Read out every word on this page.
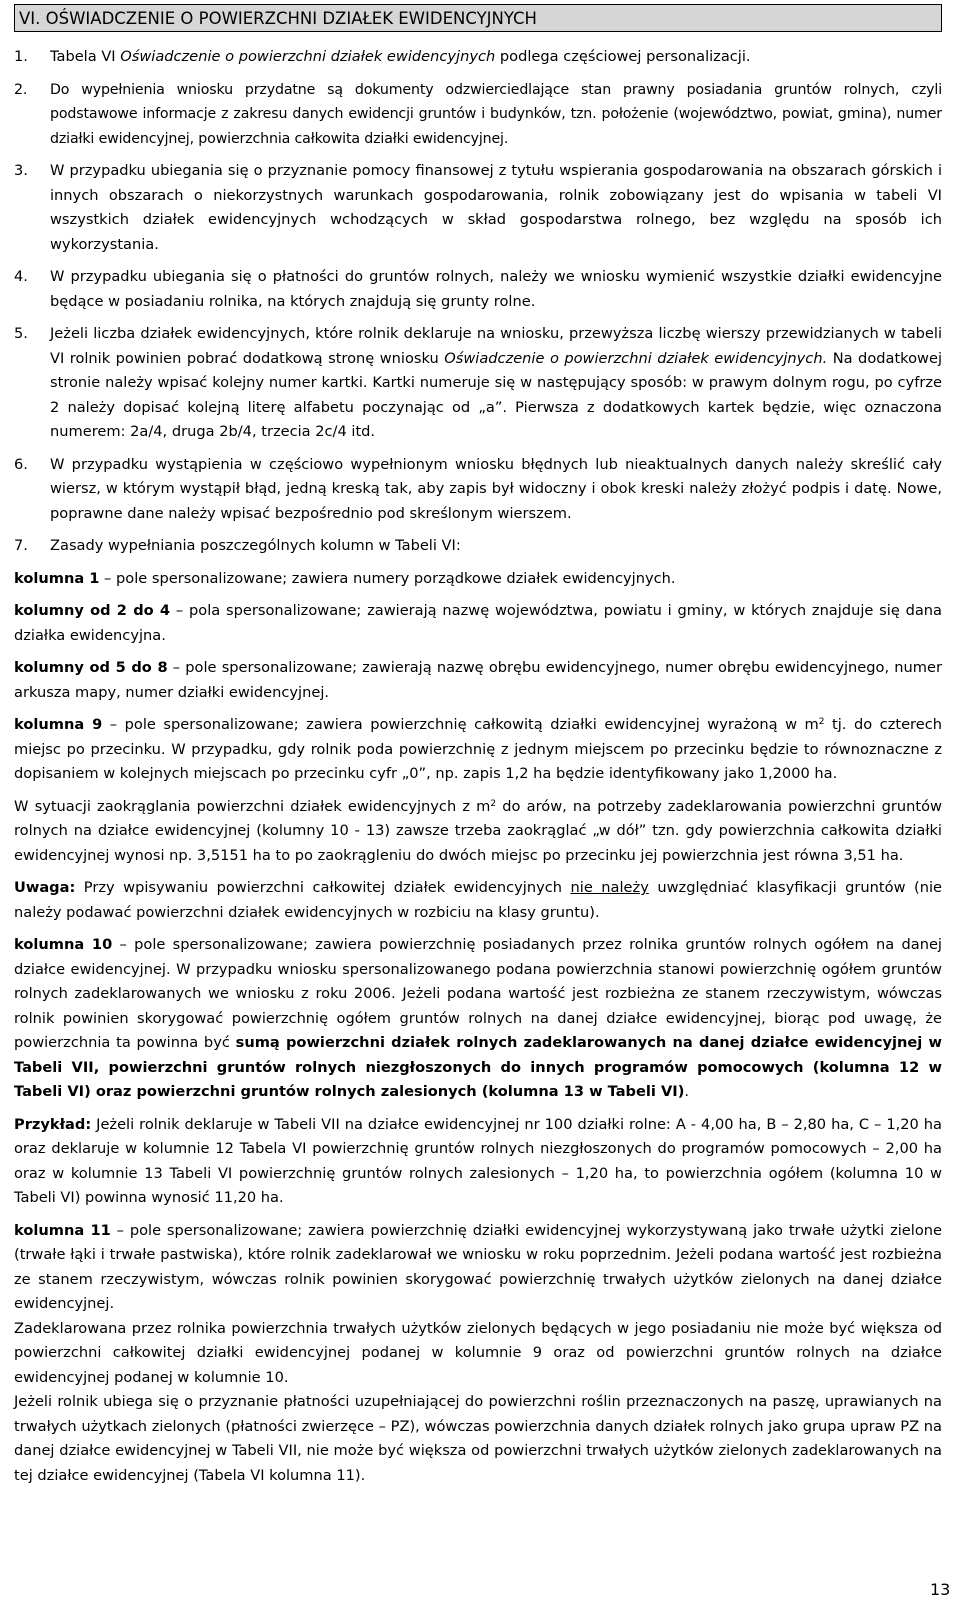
VI. OŚWIADCZENIE O POWIERZCHNI DZIAŁEK EWIDENCYJNYCH
1.	Tabela VI Oświadczenie o powierzchni działek ewidencyjnych podlega częściowej personalizacji.
2.	Do wypełnienia wniosku przydatne są dokumenty odzwierciedlające stan prawny posiadania gruntów rolnych, czyli podstawowe informacje z zakresu danych ewidencji gruntów i budynków, tzn. położenie (województwo, powiat, gmina), numer działki ewidencyjnej, powierzchnia całkowita działki ewidencyjnej.
3.	W przypadku ubiegania się o przyznanie pomocy finansowej z tytułu wspierania gospodarowania na obszarach górskich i innych obszarach o niekorzystnych warunkach gospodarowania, rolnik zobowiązany jest do wpisania w tabeli VI wszystkich działek ewidencyjnych wchodzących w skład gospodarstwa rolnego, bez względu na sposób ich wykorzystania.
4.	W przypadku ubiegania się o płatności do gruntów rolnych, należy we wniosku wymienić wszystkie działki ewidencyjne będące w posiadaniu rolnika, na których znajdują się grunty rolne.
5.	Jeżeli liczba działek ewidencyjnych, które rolnik deklaruje na wniosku, przewyższa liczbę wierszy przewidzianych w tabeli VI rolnik powinien pobrać dodatkową stronę wniosku Oświadczenie o powierzchni działek ewidencyjnych. Na dodatkowej stronie należy wpisać kolejny numer kartki. Kartki numeruje się w następujący sposób: w prawym dolnym rogu, po cyfrze 2 należy dopisać kolejną literę alfabetu poczynając od „a”. Pierwsza z dodatkowych kartek będzie, więc oznaczona numerem: 2a/4, druga 2b/4, trzecia 2c/4 itd.
6.	W przypadku wystąpienia w częściowo wypełnionym wniosku błędnych lub nieaktualnych danych należy skreślić cały wiersz, w którym wystąpił błąd, jedną kreską tak, aby zapis był widoczny i obok kreski należy złożyć podpis i datę. Nowe, poprawne dane należy wpisać bezpośrednio pod skreślonym wierszem.
7.	Zasady wypełniania poszczególnych kolumn w Tabeli VI:
kolumna 1 – pole spersonalizowane; zawiera numery porządkowe działek ewidencyjnych.
kolumny od 2 do 4 – pola spersonalizowane; zawierają nazwę województwa, powiatu i gminy, w których znajduje się dana działka ewidencyjna.
kolumny od 5 do 8 – pole spersonalizowane; zawierają nazwę obrębu ewidencyjnego, numer obrębu ewidencyjnego, numer arkusza mapy, numer działki ewidencyjnej.
kolumna 9 – pole spersonalizowane; zawiera powierzchnię całkowitą działki ewidencyjnej wyrażoną w $m^2$ tj. do czterech miejsc po przecinku. W przypadku, gdy rolnik poda powierzchnię z jednym miejscem po przecinku będzie to równoznaczne z dopisaniem w kolejnych miejscach po przecinku cyfr „0”, np. zapis 1,2 ha będzie identyfikowany jako 1,2000 ha.
W sytuacji zaokrąglania powierzchni działek ewidencyjnych z $m^2$ do arów, na potrzeby zadeklarowania powierzchni gruntów rolnych na działce ewidencyjnej (kolumny 10 - 13) zawsze trzeba zaokrąglać „w dół” tzn. gdy powierzchnia całkowita działki ewidencyjnej wynosi np. 3,5151 ha to po zaokrągleniu do dwóch miejsc po przecinku jej powierzchnia jest równa 3,51 ha.
Uwaga: Przy wpisywaniu powierzchni całkowitej działek ewidencyjnych nie należy uwzględniać klasyfikacji gruntów (nie należy podawać powierzchni działek ewidencyjnych w rozbiciu na klasy gruntu).
kolumna 10 – pole spersonalizowane; zawiera powierzchnię posiadanych przez rolnika gruntów rolnych ogółem na danej działce ewidencyjnej. W przypadku wniosku spersonalizowanego podana powierzchnia stanowi powierzchnię ogółem gruntów rolnych zadeklarowanych we wniosku z roku 2006. Jeżeli podana wartość jest rozbieżna ze stanem rzeczywistym, wówczas rolnik powinien skorygować powierzchnię ogółem gruntów rolnych na danej działce ewidencyjnej, biorąc pod uwagę, że powierzchnia ta powinna być sumą powierzchni działek rolnych zadeklarowanych na danej działce ewidencyjnej w Tabeli VII, powierzchni gruntów rolnych niezgłoszonych do innych programów pomocowych (kolumna 12 w Tabeli VI) oraz powierzchni gruntów rolnych zalesionych (kolumna 13 w Tabeli VI).
Przykład: Jeżeli rolnik deklaruje w Tabeli VII na działce ewidencyjnej nr 100 działki rolne: A - 4,00 ha, B – 2,80 ha, C – 1,20 ha oraz deklaruje w kolumnie 12 Tabela VI powierzchnię gruntów rolnych niezgłoszonych do programów pomocowych – 2,00 ha oraz w kolumnie 13 Tabeli VI powierzchnię gruntów rolnych zalesionych – 1,20 ha, to powierzchnia ogółem (kolumna 10 w Tabeli VI) powinna wynosić 11,20 ha.
kolumna 11 – pole spersonalizowane; zawiera powierzchnię działki ewidencyjnej wykorzystywaną jako trwałe użytki zielone (trwałe łąki i trwałe pastwiska), które rolnik zadeklarował we wniosku w roku poprzednim. Jeżeli podana wartość jest rozbieżna ze stanem rzeczywistym, wówczas rolnik powinien skorygować powierzchnię trwałych użytków zielonych na danej działce ewidencyjnej.
Zadeklarowana przez rolnika powierzchnia trwałych użytków zielonych będących w jego posiadaniu nie może być większa od powierzchni całkowitej działki ewidencyjnej podanej w kolumnie 9 oraz od powierzchni gruntów rolnych na działce ewidencyjnej podanej w kolumnie 10.
Jeżeli rolnik ubiega się o przyznanie płatności uzupełniającej do powierzchni roślin przeznaczonych na paszę, uprawianych na trwałych użytkach zielonych (płatności zwierzęce – PZ), wówczas powierzchnia danych działek rolnych jako grupa upraw PZ na danej działce ewidencyjnej w Tabeli VII, nie może być większa od powierzchni trwałych użytków zielonych zadeklarowanych na tej działce ewidencyjnej (Tabela VI kolumna 11).
13
